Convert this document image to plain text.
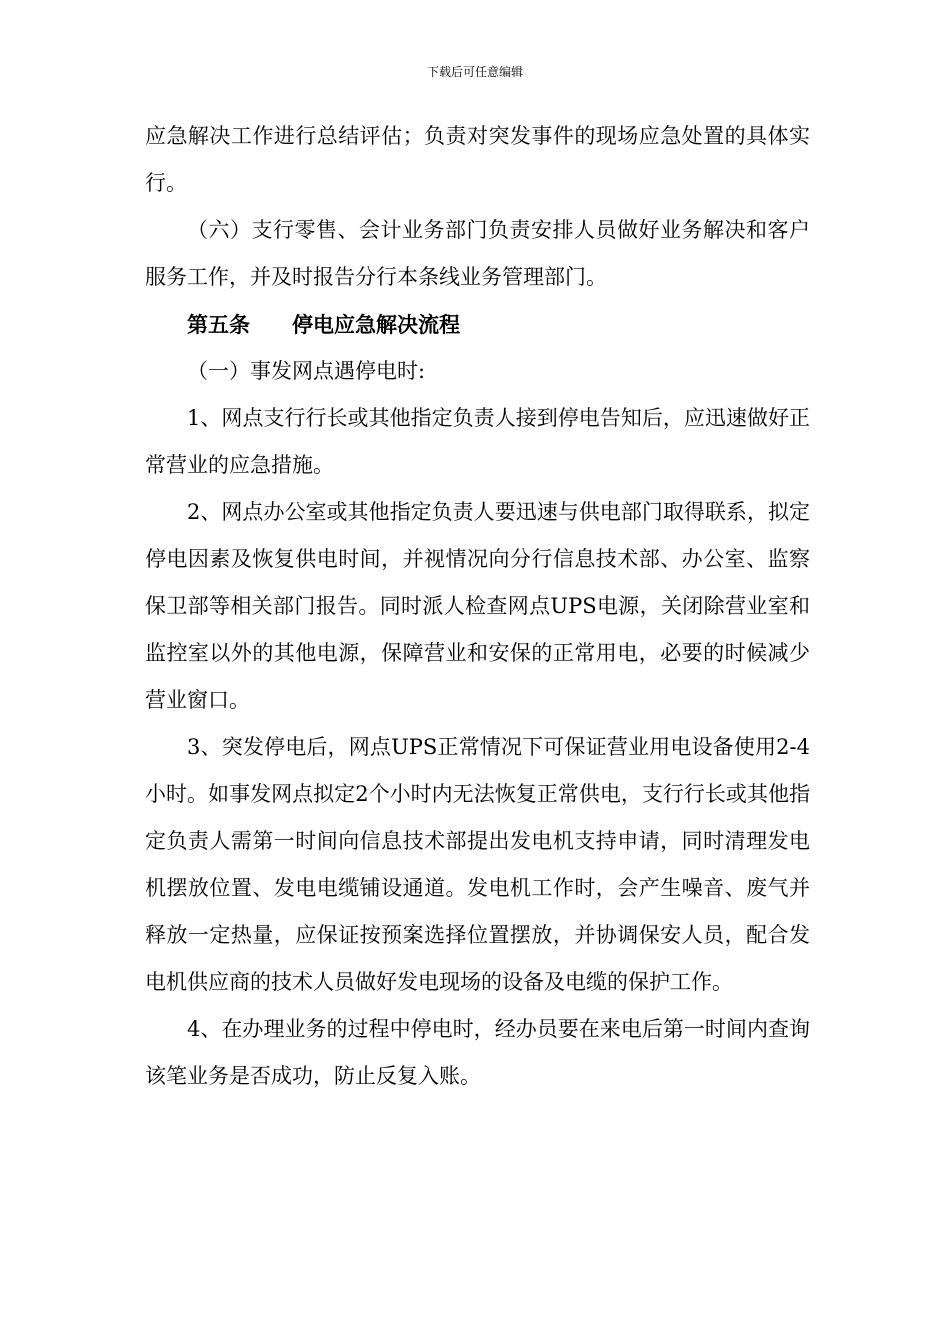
下载后可任意编辑

应急解决工作进行总结评估；负责对突发事件的现场应急处置的具体实行。

（六）支行零售、会计业务部门负责安排人员做好业务解决和客户服务工作，并及时报告分行本条线业务管理部门。

第五条 停电应急解决流程

（一）事发网点遇停电时:

1、网点支行行长或其他指定负责人接到停电告知后，应迅速做好正常营业的应急措施。

2、网点办公室或其他指定负责人要迅速与供电部门取得联系，拟定停电因素及恢复供电时间，并视情况向分行信息技术部、办公室、监察保卫部等相关部门报告。同时派人检查网点UPS电源，关闭除营业室和监控室以外的其他电源，保障营业和安保的正常用电，必要的时候减少营业窗口。

3、突发停电后，网点UPS正常情况下可保证营业用电设备使用2-4小时。如事发网点拟定2个小时内无法恢复正常供电，支行行长或其他指定负责人需第一时间向信息技术部提出发电机支持申请，同时清理发电机摆放位置、发电电缆铺设通道。发电机工作时，会产生噪音、废气并释放一定热量，应保证按预案选择位置摆放，并协调保安人员，配合发电机供应商的技术人员做好发电现场的设备及电缆的保护工作。

4、在办理业务的过程中停电时，经办员要在来电后第一时间内查询该笔业务是否成功，防止反复入账。
